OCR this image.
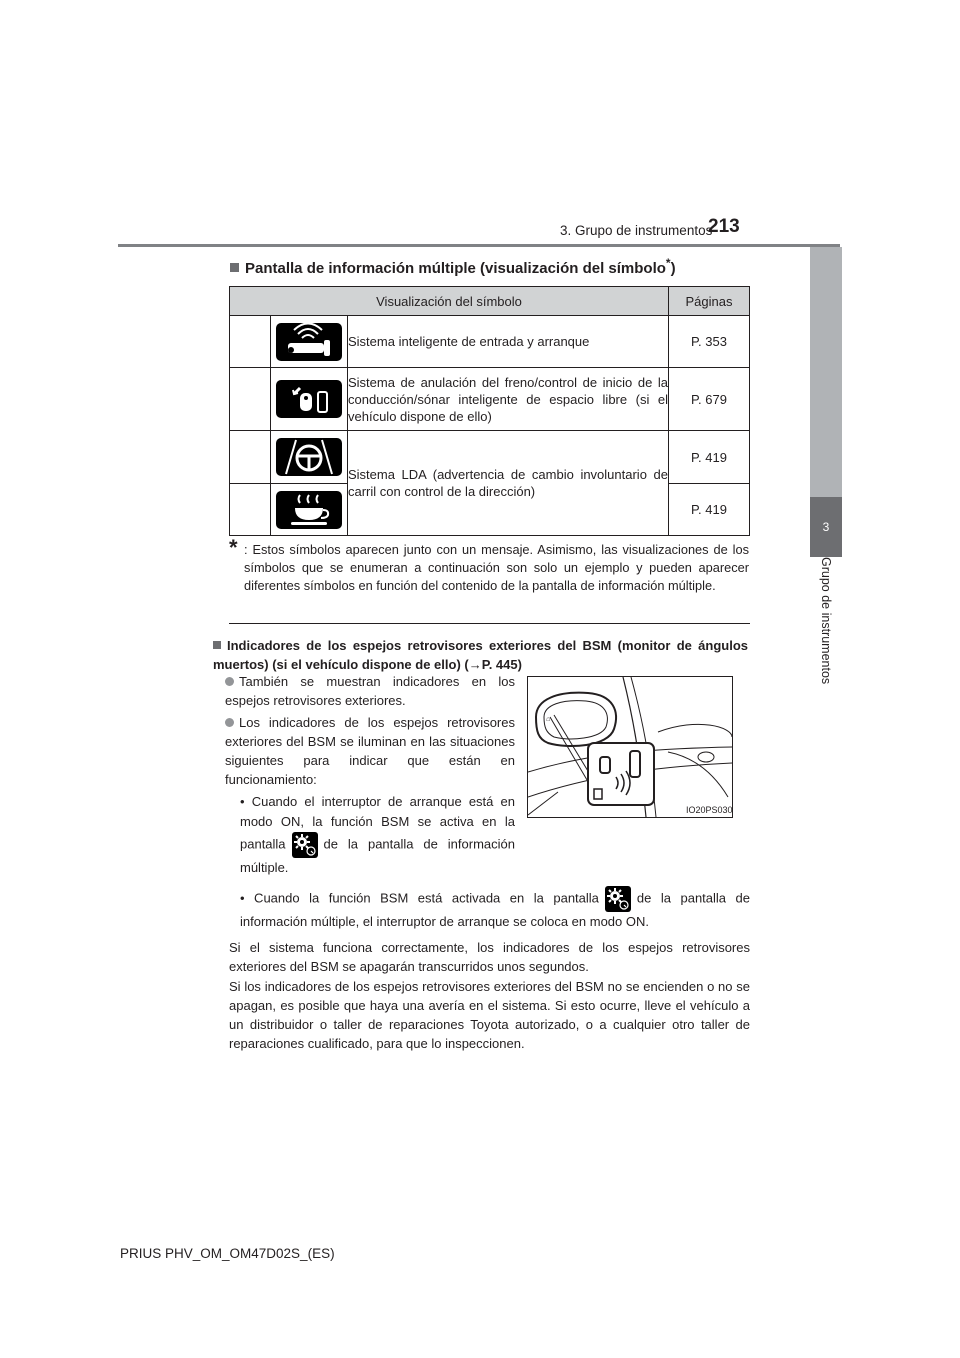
3. Grupo de instrumentos
213
3
Grupo de instrumentos
Pantalla de información múltiple (visualización del símbolo*)
Visualización del símbolo			Páginas

	Sistema inteligente de entrada y arranque	P. 353

	Sistema de anulación del freno/control de inicio de la conducción/sónar inteligente de espacio libre (si el vehículo dispone de ello)	P. 679

	Sistema LDA (advertencia de cambio involuntario de carril con control de la dirección)	P. 419

	P. 419
* : Estos símbolos aparecen junto con un mensaje. Asimismo, las visualizaciones de los símbolos que se enumeran a continuación son solo un ejemplo y pueden aparecer diferentes símbolos en función del contenido de la pantalla de información múltiple.
Indicadores de los espejos retrovisores exteriores del BSM (monitor de ángulos muertos) (si el vehículo dispone de ello) (→P. 445)
También se muestran indicadores en los espejos retrovisores exteriores.
Los indicadores de los espejos retrovisores exteriores del BSM se iluminan en las situaciones siguientes para indicar que están en funcionamiento:
• Cuando el interruptor de arranque está en modo ON, la función BSM se activa en la pantalla	de la pantalla de información múltiple.
• Cuando la función BSM está activada en la pantalla	de la pantalla de información múltiple, el interruptor de arranque se coloca en modo ON.
Si el sistema funciona correctamente, los indicadores de los espejos retrovisores exteriores del BSM se apagarán transcurridos unos segundos.
Si los indicadores de los espejos retrovisores exteriores del BSM no se encienden o no se apagan, es posible que haya una avería en el sistema. Si esto ocurre, lleve el vehículo a un distribuidor o taller de reparaciones Toyota autorizado, o a cualquier otro taller de reparaciones cualificado, para que lo inspeccionen.
⌂
IO20PS030
PRIUS PHV_OM_OM47D02S_(ES)
